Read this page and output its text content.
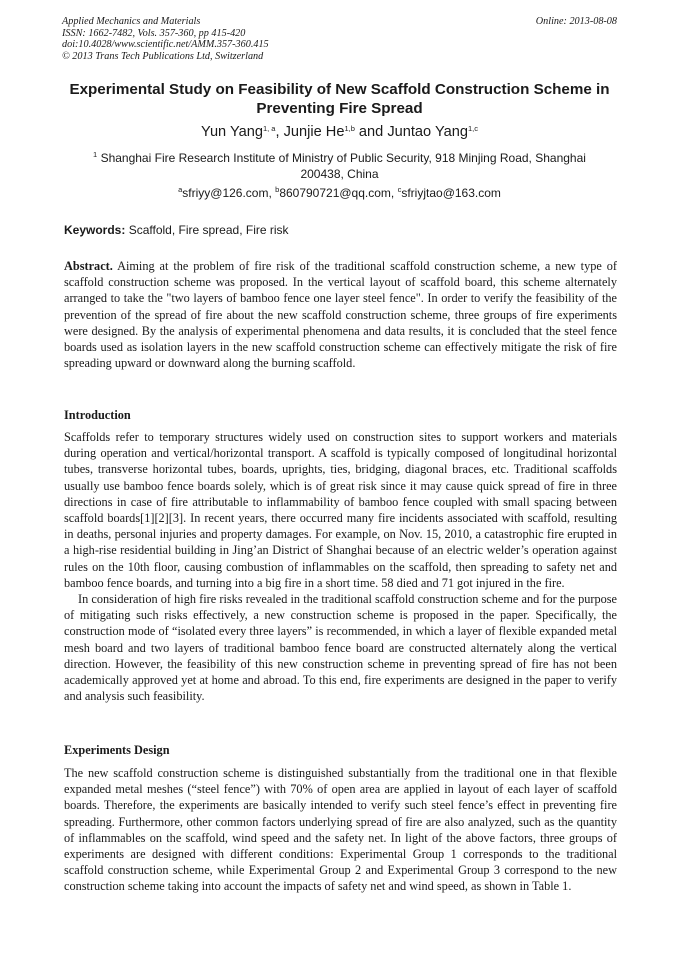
Applied Mechanics and Materials
ISSN: 1662-7482, Vols. 357-360, pp 415-420
doi:10.4028/www.scientific.net/AMM.357-360.415
© 2013 Trans Tech Publications Ltd, Switzerland
Online: 2013-08-08
Experimental Study on Feasibility of New Scaffold Construction Scheme in Preventing Fire Spread
Yun Yang$^{1, a}$, Junjie He$^{1,b}$ and Juntao Yang$^{1,c}$
$^1$ Shanghai Fire Research Institute of Ministry of Public Security, 918 Minjing Road, Shanghai
200438, China
$^a$sfriyy@126.com, $^b$860790721@qq.com, $^c$sfriyjtao@163.com
Keywords: Scaffold, Fire spread, Fire risk
Abstract. Aiming at the problem of fire risk of the traditional scaffold construction scheme, a new type of scaffold construction scheme was proposed. In the vertical layout of scaffold board, this scheme alternately arranged to take the "two layers of bamboo fence one layer steel fence". In order to verify the feasibility of the prevention of the spread of fire about the new scaffold construction scheme, three groups of fire experiments were designed. By the analysis of experimental phenomena and data results, it is concluded that the steel fence boards used as isolation layers in the new scaffold construction scheme can effectively mitigate the risk of fire spreading upward or downward along the burning scaffold.
Introduction

Scaffolds refer to temporary structures widely used on construction sites to support workers and materials during operation and vertical/horizontal transport. A scaffold is typically composed of longitudinal horizontal tubes, transverse horizontal tubes, boards, uprights, ties, bridging, diagonal braces, etc. Traditional scaffolds usually use bamboo fence boards solely, which is of great risk since it may cause quick spread of fire in three directions in case of fire attributable to inflammability of bamboo fence coupled with small spacing between scaffold boards[1][2][3]. In recent years, there occurred many fire incidents associated with scaffold, resulting in deaths, personal injuries and property damages. For example, on Nov. 15, 2010, a catastrophic fire erupted in a high-rise residential building in Jing’an District of Shanghai because of an electric welder’s operation against rules on the 10th floor, causing combustion of inflammables on the scaffold, then spreading to safety net and bamboo fence boards, and turning into a big fire in a short time. 58 died and 71 got injured in the fire.

In consideration of high fire risks revealed in the traditional scaffold construction scheme and for the purpose of mitigating such risks effectively, a new construction scheme is proposed in the paper. Specifically, the construction mode of “isolated every three layers” is recommended, in which a layer of flexible expanded metal mesh board and two layers of traditional bamboo fence board are constructed alternately along the vertical direction. However, the feasibility of this new construction scheme in preventing spread of fire has not been academically approved yet at home and abroad. To this end, fire experiments are designed in the paper to verify and analysis such feasibility.

Experiments Design

The new scaffold construction scheme is distinguished substantially from the traditional one in that flexible expanded metal meshes (“steel fence”) with 70% of open area are applied in layout of each layer of scaffold boards. Therefore, the experiments are basically intended to verify such steel fence’s effect in preventing fire spreading. Furthermore, other common factors underlying spread of fire are also analyzed, such as the quantity of inflammables on the scaffold, wind speed and the safety net. In light of the above factors, three groups of experiments are designed with different conditions: Experimental Group 1 corresponds to the traditional scaffold construction scheme, while Experimental Group 2 and Experimental Group 3 correspond to the new construction scheme taking into account the impacts of safety net and wind speed, as shown in Table 1.
